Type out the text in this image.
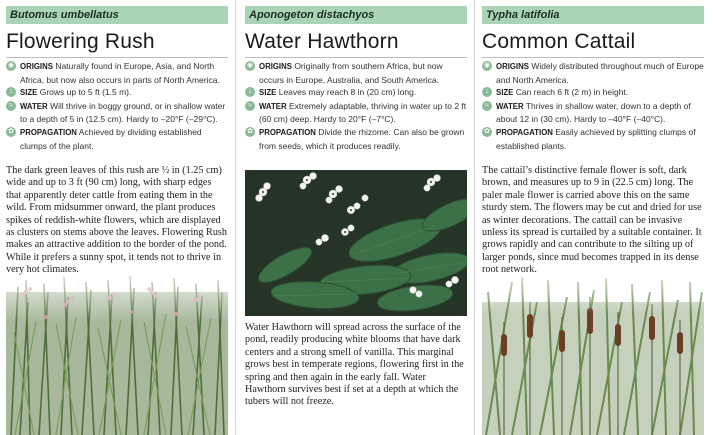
Butomus umbellatus
Flowering Rush
◉ ORIGINS Naturally found in Europe, Asia, and North Africa, but now also occurs in parts of North America.
↕ SIZE Grows up to 5 ft (1.5 m).
≈ WATER Will thrive in boggy ground, or in shallow water to a depth of 5 in (12.5 cm). Hardy to –20°F (–29°C).
✿ PROPAGATION Achieved by dividing established clumps of the plant.
The dark green leaves of this rush are ½ in (1.25 cm) wide and up to 3 ft (90 cm) long, with sharp edges that apparently deter cattle from eating them in the wild. From midsummer onward, the plant produces spikes of reddish-white flowers, which are displayed as clusters on stems above the leaves. Flowering Rush makes an attractive addition to the border of the pond. While it prefers a sunny spot, it tends not to thrive in very hot climates.
Aponogeton distachyos
Water Hawthorn
◉ ORIGINS Originally from southern Africa, but now occurs in Europe, Australia, and South America.
↕ SIZE Leaves may reach 8 in (20 cm) long.
≈ WATER Extremely adaptable, thriving in water up to 2 ft (60 cm) deep. Hardy to 20°F (–7°C).
✿ PROPAGATION Divide the rhizome. Can also be grown from seeds, which it produces readily.
Water Hawthorn will spread across the surface of the pond, readily producing white blooms that have dark centers and a strong smell of vanilla. This marginal grows best in temperate regions, flowering first in the spring and then again in the early fall. Water Hawthorn survives best if set at a depth at which the tubers will not freeze.
Typha latifolia
Common Cattail
◉ ORIGINS Widely distributed throughout much of Europe and North America.
↕ SIZE Can reach 6 ft (2 m) in height.
≈ WATER Thrives in shallow water, down to a depth of about 12 in (30 cm). Hardy to –40°F (–40°C).
✿ PROPAGATION Easily achieved by splitting clumps of established plants.
The cattail’s distinctive female flower is soft, dark brown, and measures up to 9 in (22.5 cm) long. The paler male flower is carried above this on the same sturdy stem. The flowers may be cut and dried for use as winter decorations. The cattail can be invasive unless its spread is curtailed by a suitable container. It grows rapidly and can contribute to the silting up of larger ponds, since mud becomes trapped in its dense root network.
